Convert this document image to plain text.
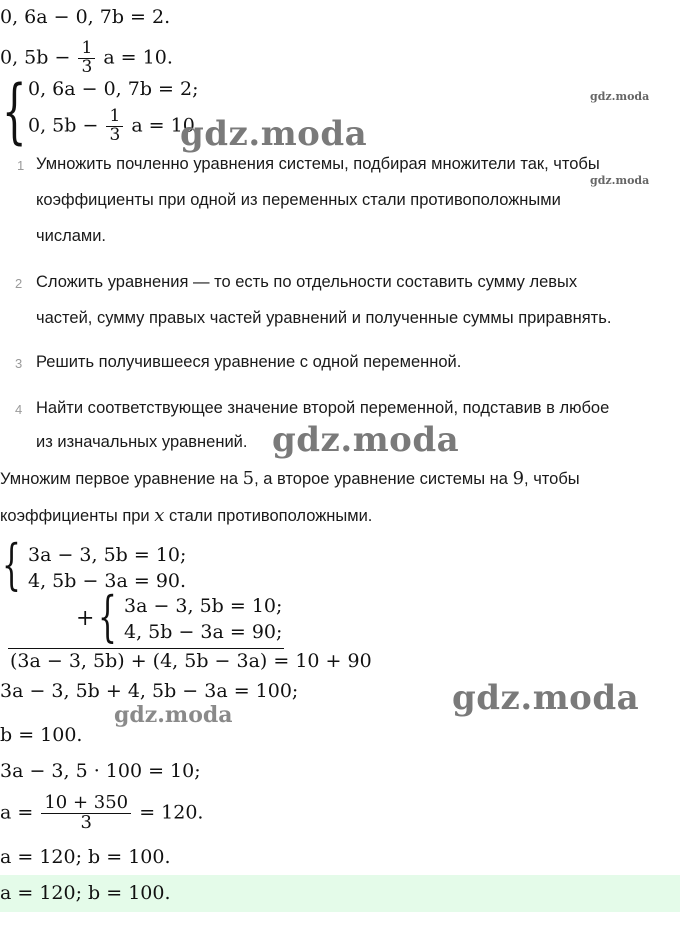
0, 6a − 0, 7b = 2.
0, $5b - \frac{1}{3}$ a = 10.
{ 0, 6a − 0, 7b = 2;
0, $5b - \frac{1}{3}$ a = 10.
gdz.moda
gdz.moda
gdz.moda
1 Умножить почленно уравнения системы, подбирая множители так, чтобы
коэффициенты при одной из переменных стали противоположными
числами.
2 Сложить уравнения — то есть по отдельности составить сумму левых
частей, сумму правых частей уравнений и полученные суммы приравнять.
3 Решить получившееся уравнение с одной переменной.
4 Найти соответствующее значение второй переменной, подставив в любое
из изначальных уравнений. gdz.moda
Умножим первое уравнение на 5, а второе уравнение системы на 9, чтобы
коэффициенты при x стали противоположными.
{ 3a − 3, 5b = 10;
4, 5b − 3a = 90.
+ { 3a − 3, 5b = 10;
4, 5b − 3a = 90;
(3a − 3, 5b) + (4, 5b − 3a) = 10 + 90
3a − 3, 5b + 4, 5b − 3a = 100;	gdz.moda
gdz.moda
b = 100.
3a − 3, 5 · 100 = 10;
$a = \frac{10 + 350}{3} = 120$.
a = 120; b = 100.
a = 120; b = 100.
